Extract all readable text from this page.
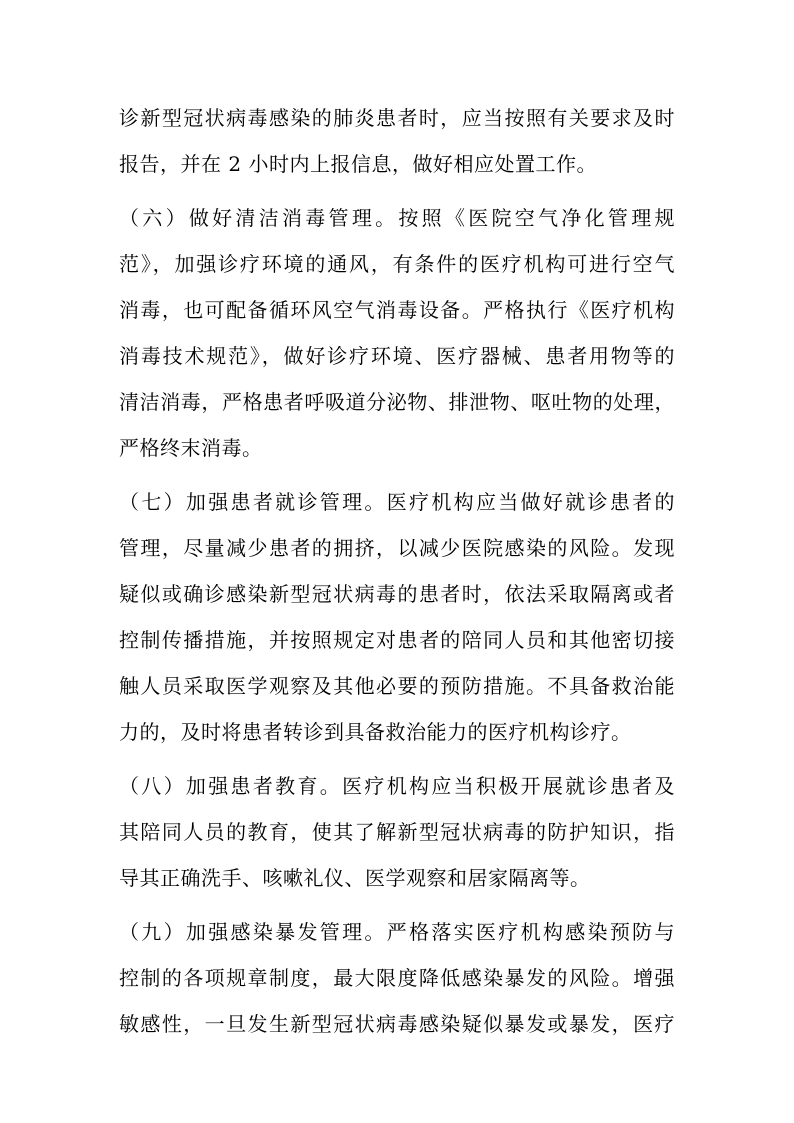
诊新型冠状病毒感染的肺炎患者时，应当按照有关要求及时
报告，并在 2 小时内上报信息，做好相应处置工作。
（六）做好清洁消毒管理。按照《医院空气净化管理规
范》，加强诊疗环境的通风，有条件的医疗机构可进行空气
消毒，也可配备循环风空气消毒设备。严格执行《医疗机构
消毒技术规范》，做好诊疗环境、医疗器械、患者用物等的
清洁消毒，严格患者呼吸道分泌物、排泄物、呕吐物的处理，
严格终末消毒。
（七）加强患者就诊管理。医疗机构应当做好就诊患者的
管理，尽量减少患者的拥挤，以减少医院感染的风险。发现
疑似或确诊感染新型冠状病毒的患者时，依法采取隔离或者
控制传播措施，并按照规定对患者的陪同人员和其他密切接
触人员采取医学观察及其他必要的预防措施。不具备救治能
力的，及时将患者转诊到具备救治能力的医疗机构诊疗。
（八）加强患者教育。医疗机构应当积极开展就诊患者及
其陪同人员的教育，使其了解新型冠状病毒的防护知识，指
导其正确洗手、咳嗽礼仪、医学观察和居家隔离等。
（九）加强感染暴发管理。严格落实医疗机构感染预防与
控制的各项规章制度，最大限度降低感染暴发的风险。增强
敏感性，一旦发生新型冠状病毒感染疑似暴发或暴发，医疗
